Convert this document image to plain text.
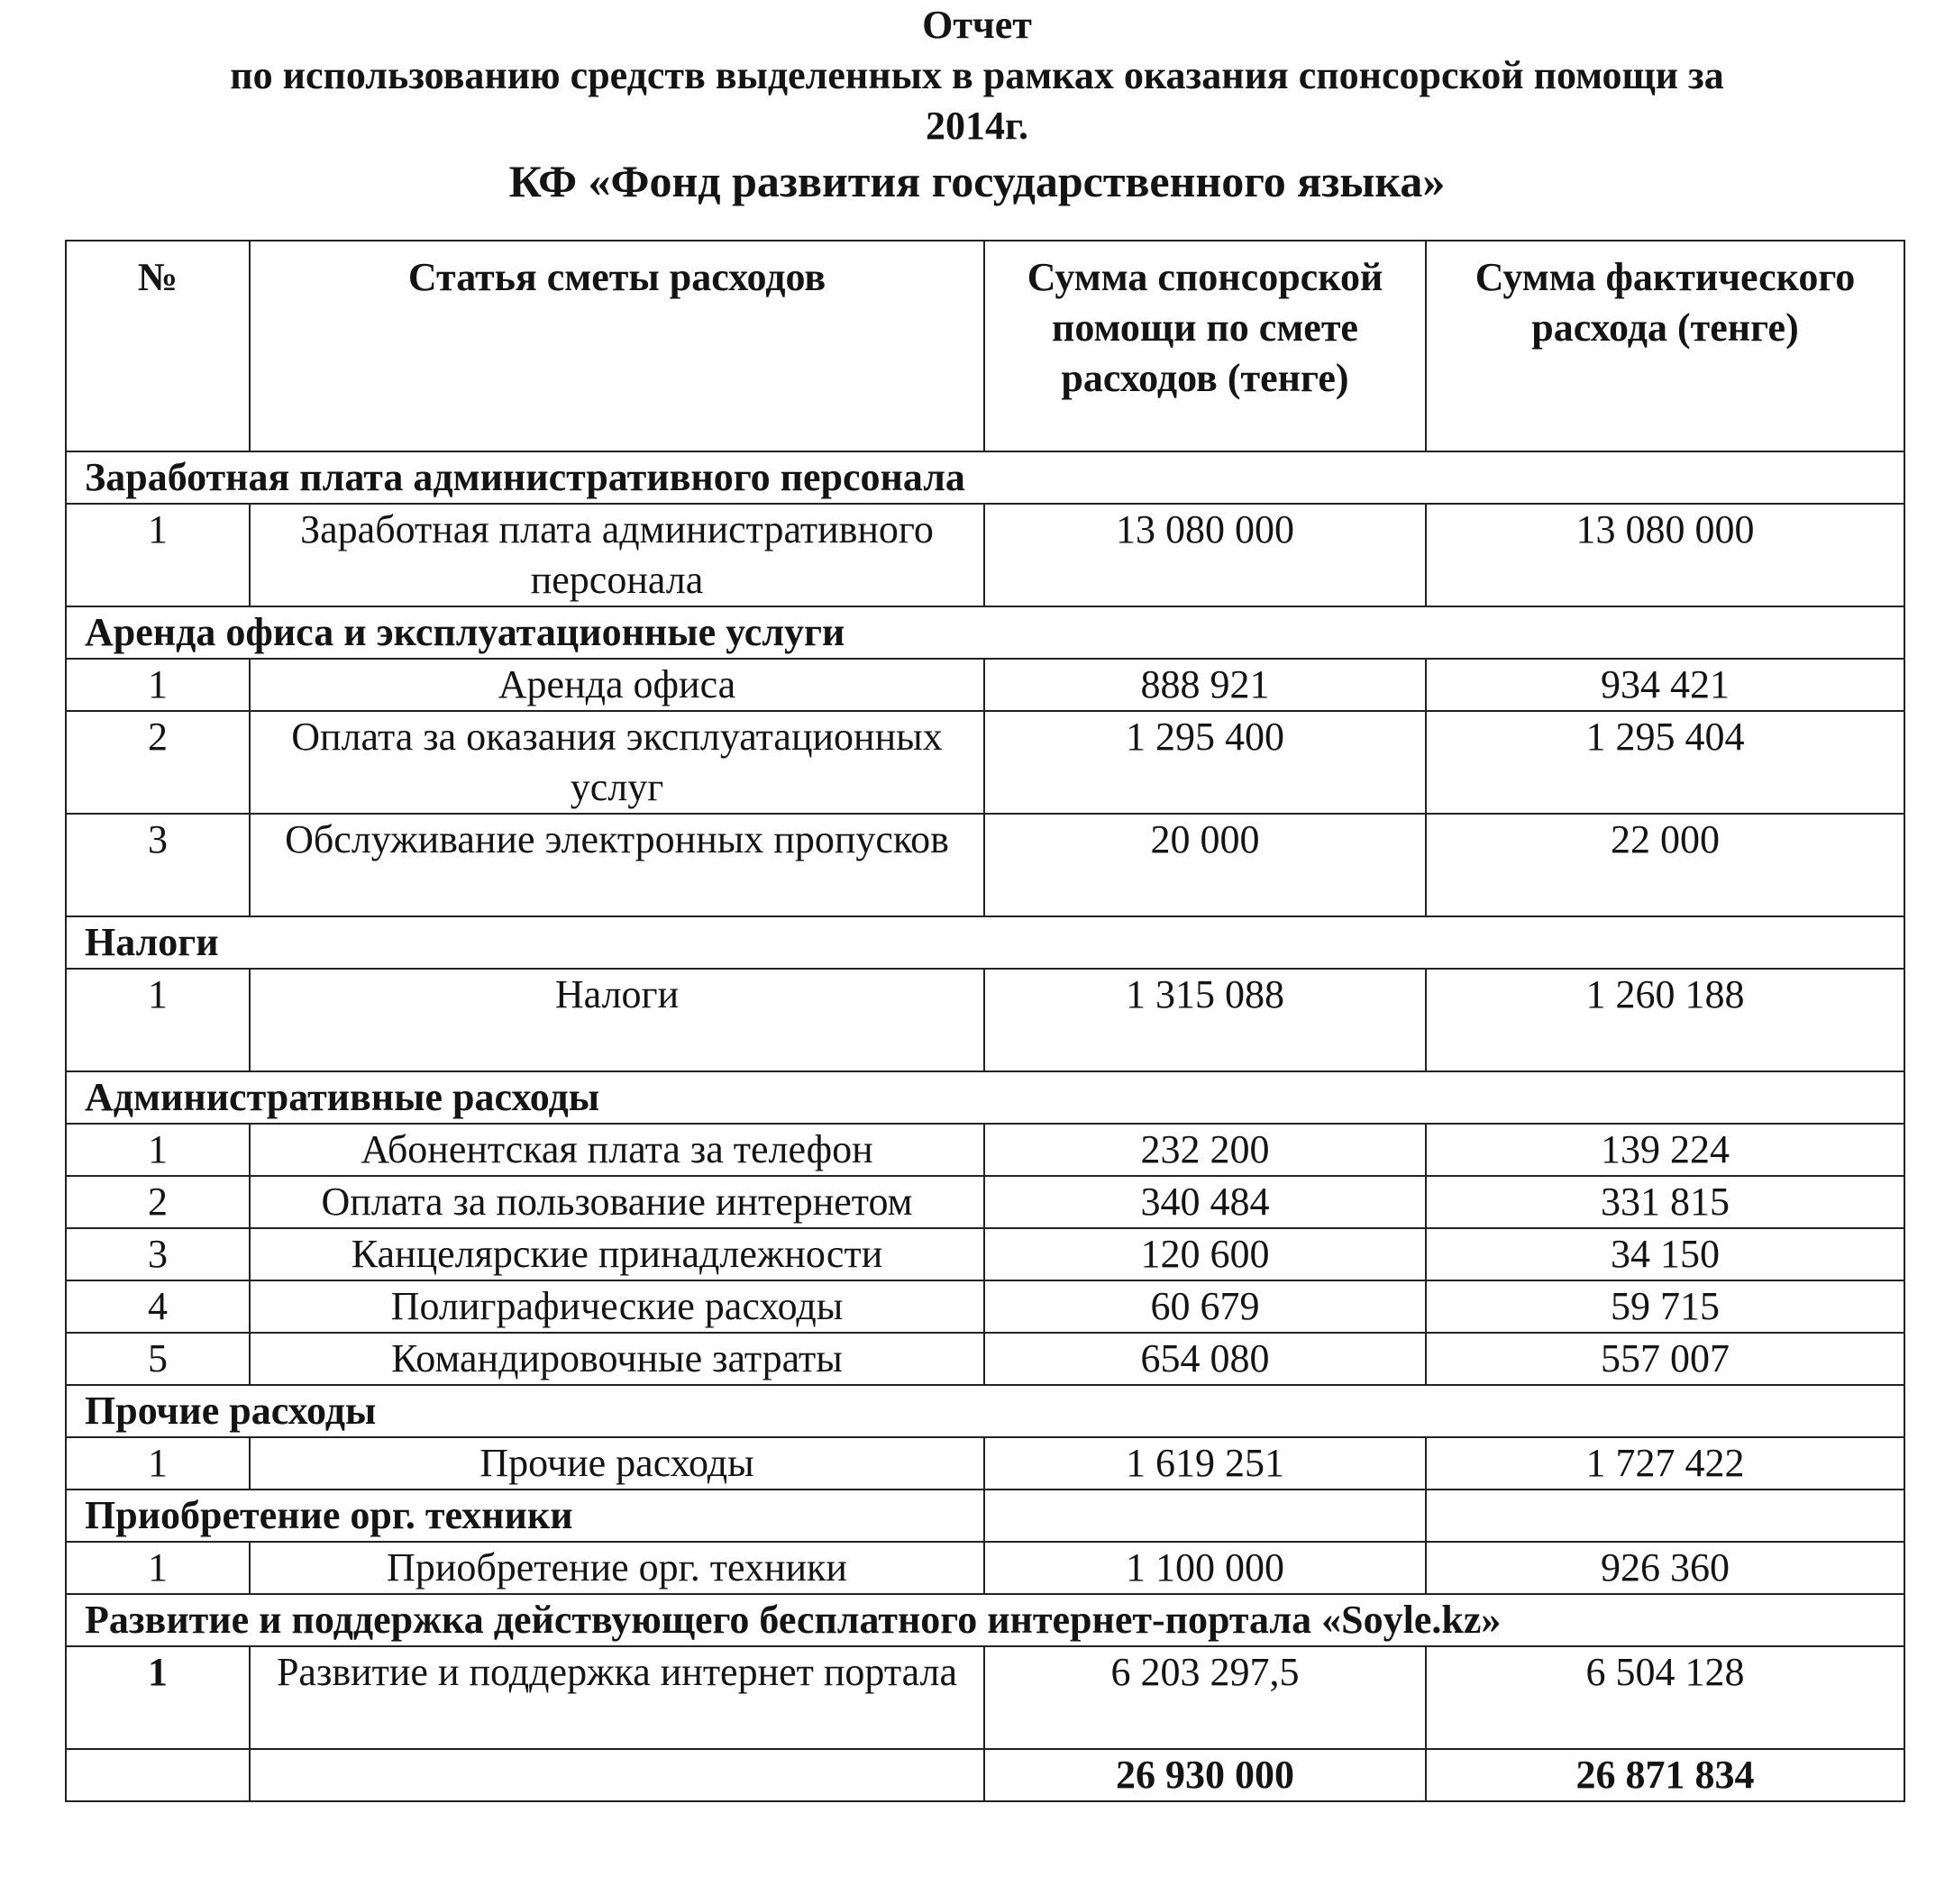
Отчет
по использованию средств выделенных в рамках оказания спонсорской помощи за
2014г.
КФ «Фонд развития государственного языка»
№	Статья сметы расходов	Сумма спонсорской помощи по смете расходов (тенге)	Сумма фактического расхода (тенге)
Заработная плата административного персонала			
1	Заработная плата административного персонала	13 080 000	13 080 000
Аренда офиса и эксплуатационные услуги			
1	Аренда офиса	888 921	934 421
2	Оплата за оказания эксплуатационных услуг	1 295 400	1 295 404
3	Обслуживание электронных пропусков	20 000	22 000
Налоги			
1	Налоги	1 315 088	1 260 188
Административные расходы			
1	Абонентская плата за телефон	232 200	139 224
2	Оплата за пользование интернетом	340 484	331 815
3	Канцелярские принадлежности	120 600	34 150
4	Полиграфические расходы	60 679	59 715
5	Командировочные затраты	654 080	557 007
Прочие расходы			
1	Прочие расходы	1 619 251	1 727 422
Приобретение орг. техники			
1	Приобретение орг. техники	1 100 000	926 360
Развитие и поддержка действующего бесплатного интернет-портала «Soyle.kz»			
1	Развитие и поддержка интернет портала	6 203 297,5	6 504 128
		26 930 000	26 871 834
